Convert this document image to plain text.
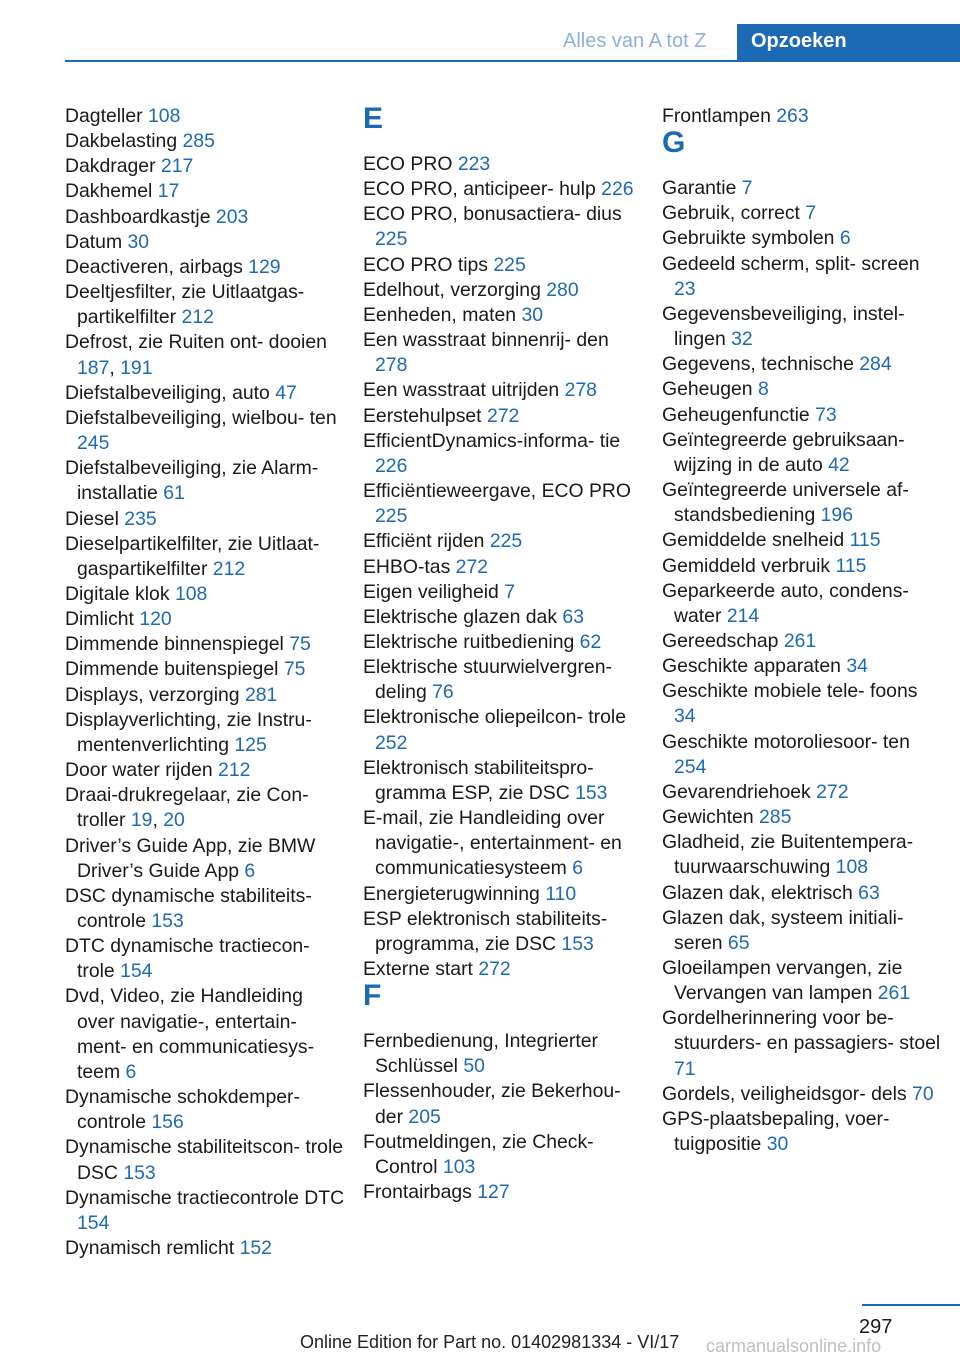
Alles van A tot Z	Opzoeken
Dagteller 108
Dakbelasting 285
Dakdrager 217
Dakhemel 17
Dashboardkastje 203
Datum 30
Deactiveren, airbags 129
Deeltjesfilter, zie Uitlaatgas‐ partikelfilter 212
Defrost, zie Ruiten ont‐ dooien 187, 191
Diefstalbeveiliging, auto 47
Diefstalbeveiliging, wielbou‐ ten 245
Diefstalbeveiliging, zie Alarm‐ installatie 61
Diesel 235
Dieselpartikelfilter, zie Uitlaat‐ gaspartikelfilter 212
Digitale klok 108
Dimlicht 120
Dimmende binnenspiegel 75
Dimmende buitenspiegel 75
Displays, verzorging 281
Displayverlichting, zie Instru‐ mentenverlichting 125
Door water rijden 212
Draai-drukregelaar, zie Con‐ troller 19, 20
Driver’s Guide App, zie BMW Driver’s Guide App 6
DSC dynamische stabiliteits‐ controle 153
DTC dynamische tractiecon‐ trole 154
Dvd, Video, zie Handleiding over navigatie-, entertain‐ ment- en communicatiesys‐ teem 6
Dynamische schokdemper‐ controle 156
Dynamische stabiliteitscon‐ trole DSC 153
Dynamische tractiecontrole DTC 154
Dynamisch remlicht 152
E
ECO PRO 223
ECO PRO, anticipeer‐ hulp 226
ECO PRO, bonusactiera‐ dius 225
ECO PRO tips 225
Edelhout, verzorging 280
Eenheden, maten 30
Een wasstraat binnenrij‐ den 278
Een wasstraat uitrijden 278
Eerstehulpset 272
EfficientDynamics-informa‐ tie 226
Efficiëntieweergave, ECO PRO 225
Efficiënt rijden 225
EHBO-tas 272
Eigen veiligheid 7
Elektrische glazen dak 63
Elektrische ruitbediening 62
Elektrische stuurwielvergren‐ deling 76
Elektronische oliepeilcon‐ trole 252
Elektronisch stabiliteitspro‐ gramma ESP, zie DSC 153
E-mail, zie Handleiding over navigatie-, entertainment- en communicatiesysteem 6
Energieterugwinning 110
ESP elektronisch stabiliteits‐ programma, zie DSC 153
Externe start 272
F
Fernbedienung, Integrierter Schlüssel 50
Flessenhouder, zie Bekerhou‐ der 205
Foutmeldingen, zie Check- Control 103
Frontairbags 127
Frontlampen 263
G
Garantie 7
Gebruik, correct 7
Gebruikte symbolen 6
Gedeeld scherm, split‐ screen 23
Gegevensbeveiliging, instel‐ lingen 32
Gegevens, technische 284
Geheugen 8
Geheugenfunctie 73
Geïntegreerde gebruiksaan‐ wijzing in de auto 42
Geïntegreerde universele af‐ standsbediening 196
Gemiddelde snelheid 115
Gemiddeld verbruik 115
Geparkeerde auto, condens‐ water 214
Gereedschap 261
Geschikte apparaten 34
Geschikte mobiele tele‐ foons 34
Geschikte motoroliesoor‐ ten 254
Gevarendriehoek 272
Gewichten 285
Gladheid, zie Buitentempera‐ tuurwaarschuwing 108
Glazen dak, elektrisch 63
Glazen dak, systeem initiali‐ seren 65
Gloeilampen vervangen, zie Vervangen van lampen 261
Gordelherinnering voor be‐ stuurders- en passagiers‐ stoel 71
Gordels, veiligheidsgor‐ dels 70
GPS-plaatsbepaling, voer‐ tuigpositie 30
297
Online Edition for Part no. 01402981334 - VI/17 carmanualsonline.info
